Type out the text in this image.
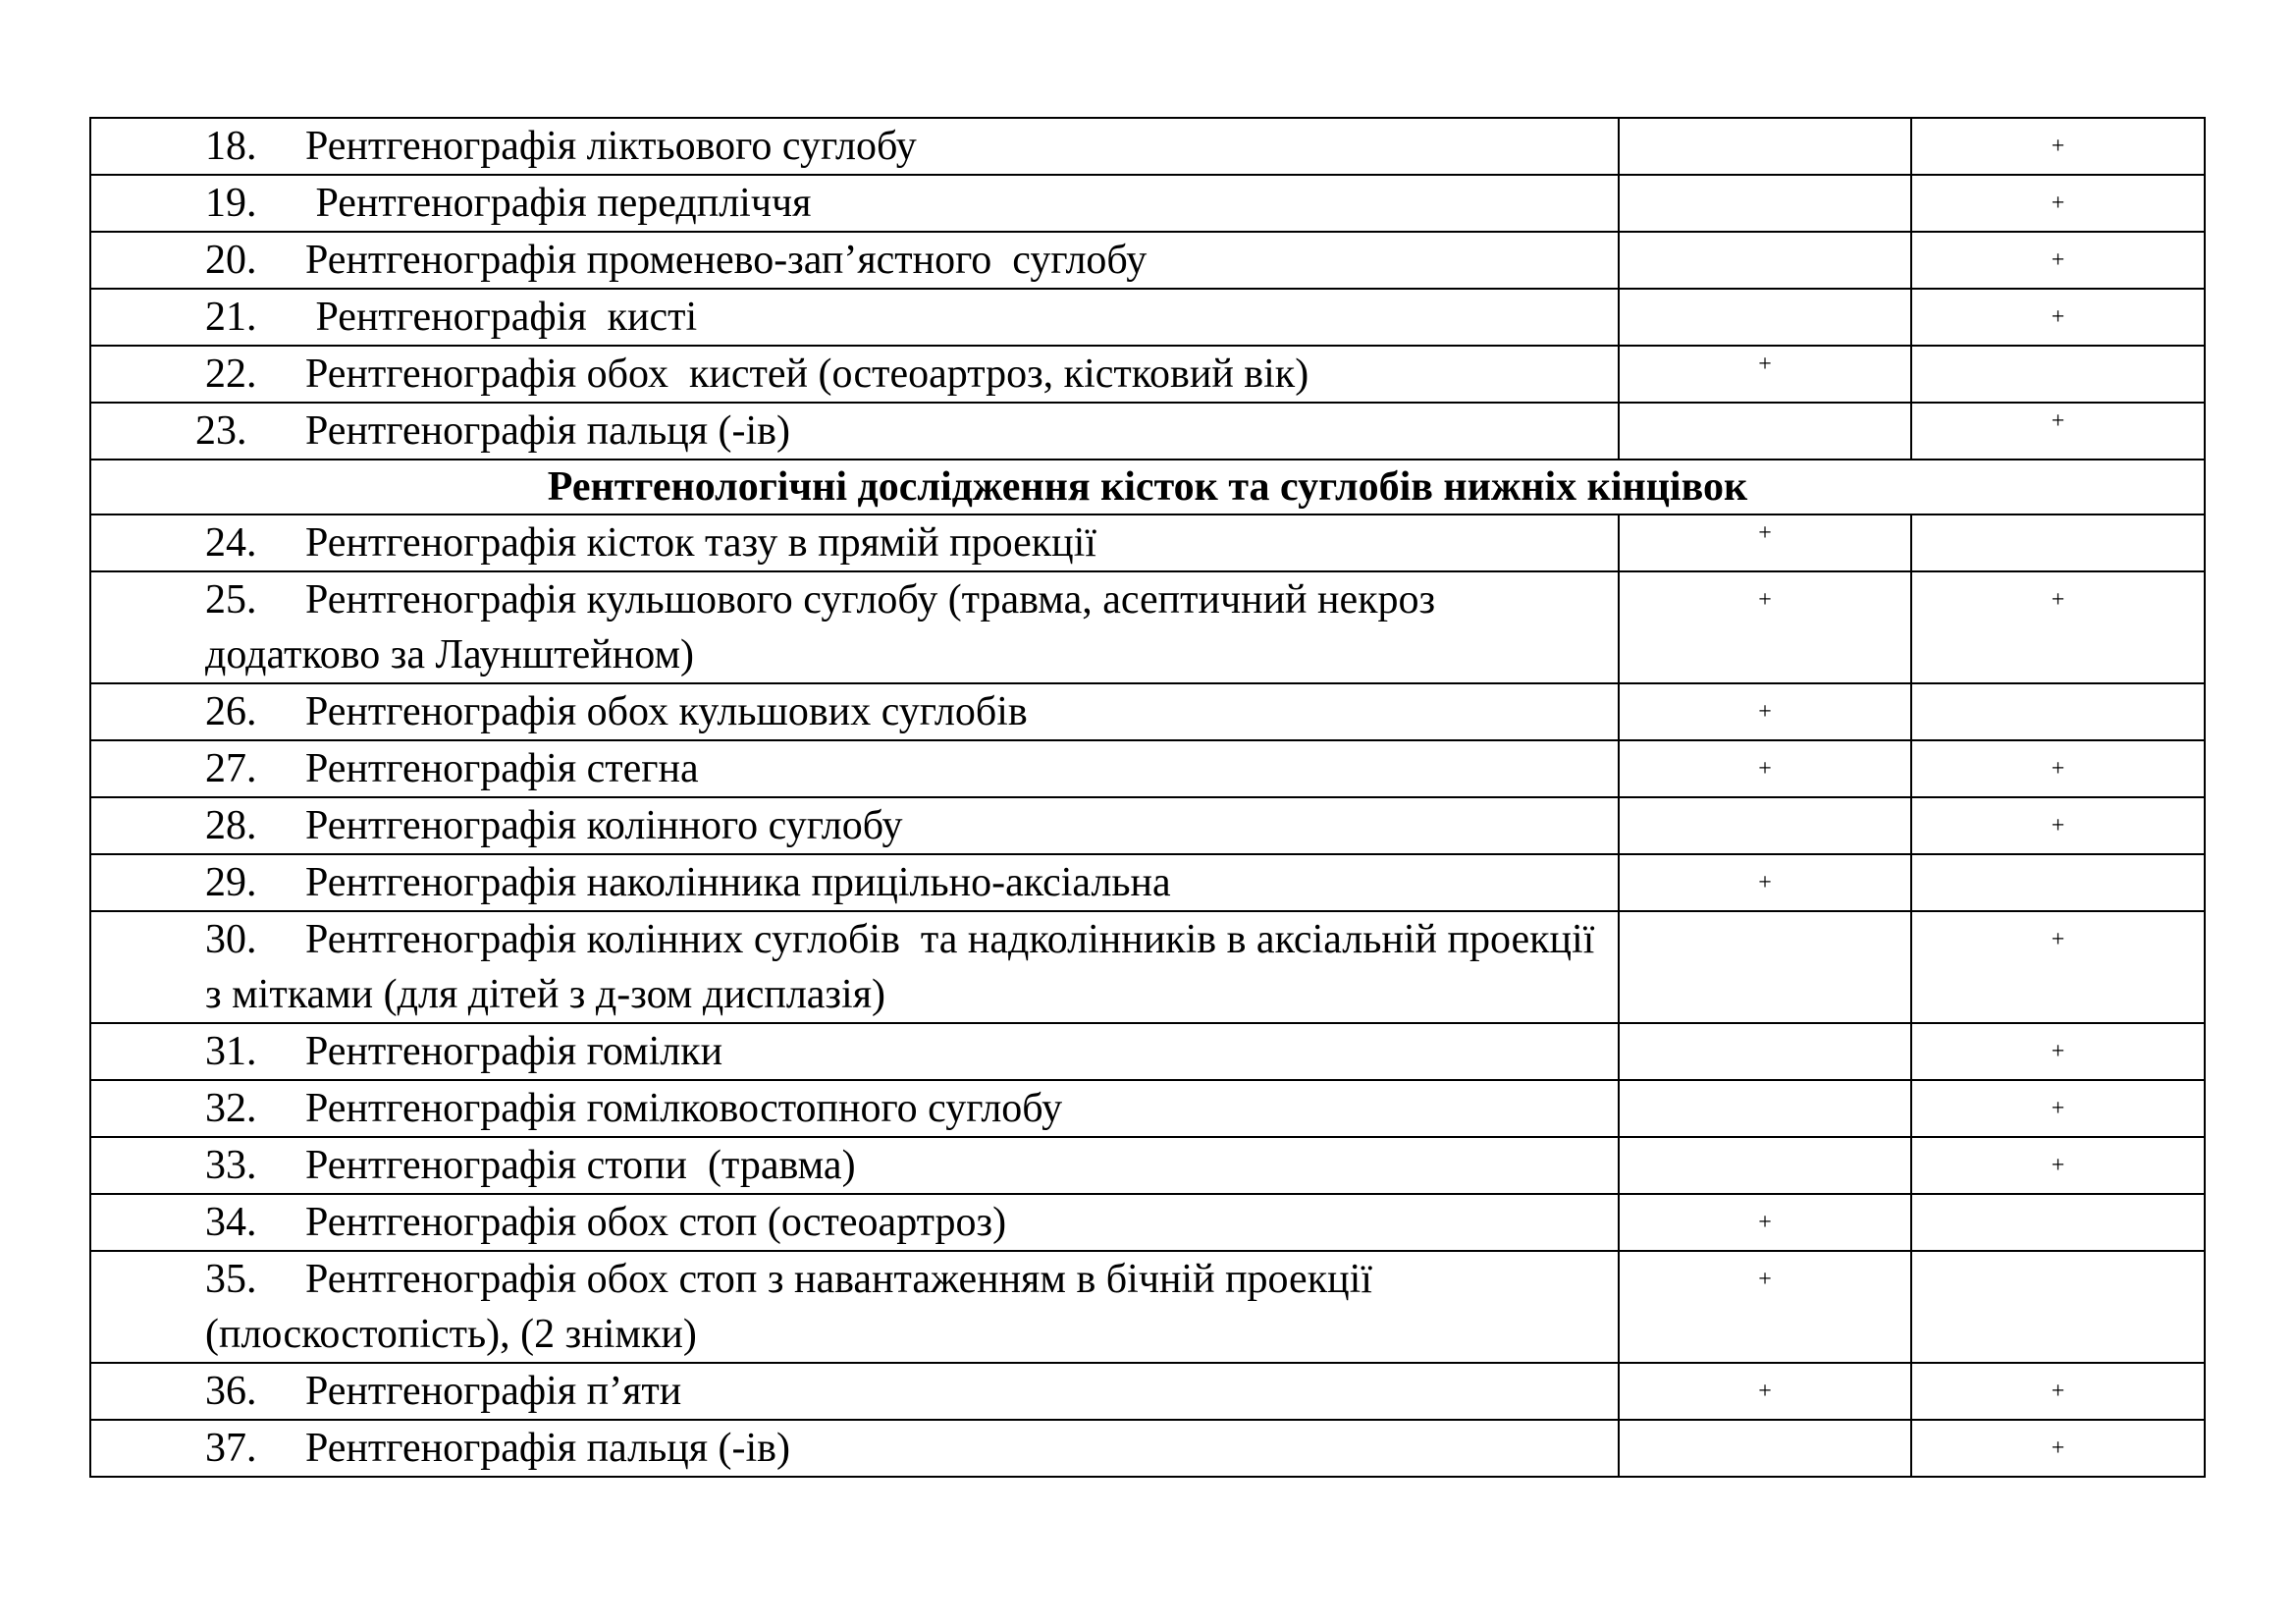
18. Рентгенографія ліктьового суглобу		+
19. Рентгенографія передпліччя		+
20. Рентгенографія променево-зап’ястного  суглобу		+
21. Рентгенографія  кисті		+
22. Рентгенографія обох  кистей (остеоартроз, кістковий вік)	+	
23. Рентгенографія пальця (-ів)		+
Рентгенологічні дослідження кісток та суглобів нижніх кінцівок		
24. Рентгенографія кісток тазу в прямій проекції	+	
25. Рентгенографія кульшового суглобу (травма, асептичний некроз додатково за Лаунштейном)	+	+
26. Рентгенографія обох кульшових суглобів	+	
27. Рентгенографія стегна	+	+
28. Рентгенографія колінного суглобу		+
29. Рентгенографія наколінника прицільно-аксіальна	+	
30. Рентгенографія колінних суглобів  та надколінників в аксіальній проекції з мітками (для дітей з д-зом дисплазія)		+
31. Рентгенографія гомілки		+
32. Рентгенографія гомілковостопного суглобу		+
33. Рентгенографія стопи  (травма)		+
34. Рентгенографія обох стоп (остеоартроз)	+	
35. Рентгенографія обох стоп з навантаженням в бічній проекції (плоскостопість), (2 знімки)	+	
36. Рентгенографія п’яти	+	+
37. Рентгенографія пальця (-ів)		+
